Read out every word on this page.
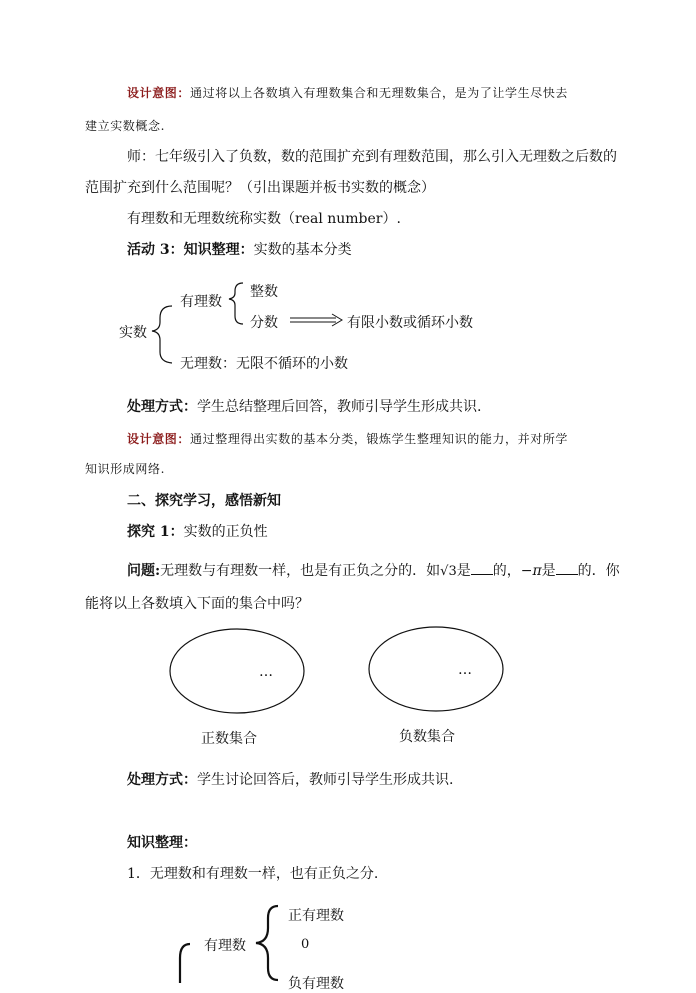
设计意图：通过将以上各数填入有理数集合和无理数集合，是为了让学生尽快去
建立实数概念.
师：七年级引入了负数，数的范围扩充到有理数范围，那么引入无理数之后数的
范围扩充到什么范围呢？（引出课题并板书实数的概念）
有理数和无理数统称实数（real number）.
活动 3：知识整理：实数的基本分类
实数
有理数
整数
分数	有限小数或循环小数
无理数：无限不循环的小数
处理方式：学生总结整理后回答，教师引导学生形成共识.
设计意图：通过整理得出实数的基本分类，锻炼学生整理知识的能力，并对所学
知识形成网络.
二、探究学习，感悟新知
探究 1：实数的正负性
问题:无理数与有理数一样，也是有正负之分的．如√3是 的，−π是 的．你
能将以上各数填入下面的集合中吗？
…	…
正数集合	负数集合
处理方式：学生讨论回答后，教师引导学生形成共识.
知识整理：
1．无理数和有理数一样，也有正负之分.
有理数
正有理数
0
负有理数
